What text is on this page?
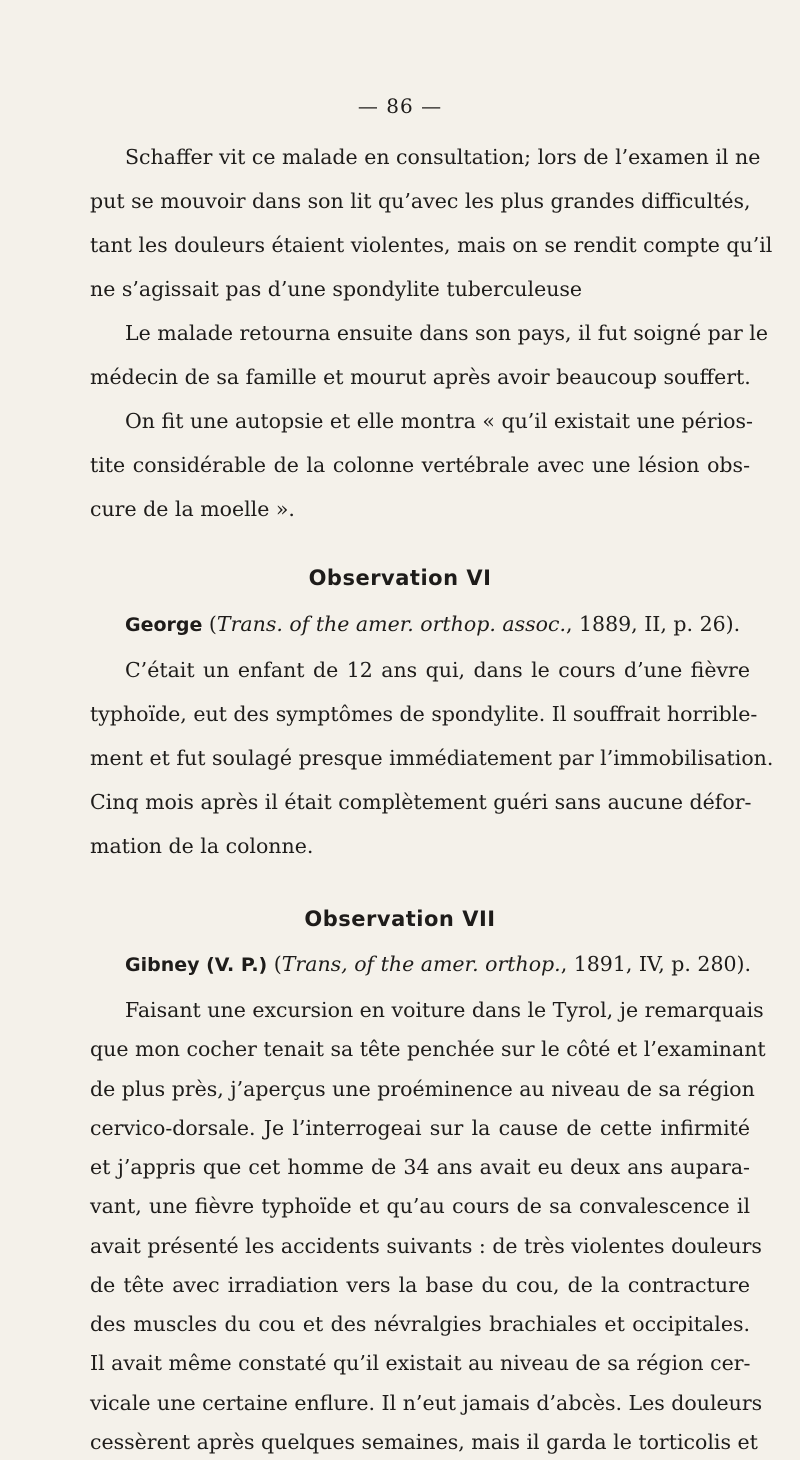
— 86 —
Schaffer vit ce malade en consultation; lors de l’examen il ne
put se mouvoir dans son lit qu’avec les plus grandes difficultés,
tant les douleurs étaient violentes, mais on se rendit compte qu’il
ne s’agissait pas d’une spondylite tuberculeuse
Le malade retourna ensuite dans son pays, il fut soigné par le
médecin de sa famille et mourut après avoir beaucoup souffert.
On fit une autopsie et elle montra « qu’il existait une périos-
tite considérable de la colonne vertébrale avec une lésion obs-
cure de la moelle ».
Observation VI
George (Trans. of the amer. orthop. assoc., 1889, II, p. 26).
C’était un enfant de 12 ans qui, dans le cours d’une fièvre
typhoïde, eut des symptômes de spondylite. Il souffrait horrible-
ment et fut soulagé presque immédiatement par l’immobilisation.
Cinq mois après il était complètement guéri sans aucune défor-
mation de la colonne.
Observation VII
Gibney (V. P.) (Trans, of the amer. orthop., 1891, IV, p. 280).
Faisant une excursion en voiture dans le Tyrol, je remarquais
que mon cocher tenait sa tête penchée sur le côté et l’examinant
de plus près, j’aperçus une proéminence au niveau de sa région
cervico-dorsale. Je l’interrogeai sur la cause de cette infirmité
et j’appris que cet homme de 34 ans avait eu deux ans aupara-
vant, une fièvre typhoïde et qu’au cours de sa convalescence il
avait présenté les accidents suivants : de très violentes douleurs
de tête avec irradiation vers la base du cou, de la contracture
des muscles du cou et des névralgies brachiales et occipitales.
Il avait même constaté qu’il existait au niveau de sa région cer-
vicale une certaine enflure. Il n’eut jamais d’abcès. Les douleurs
cessèrent après quelques semaines, mais il garda le torticolis et
